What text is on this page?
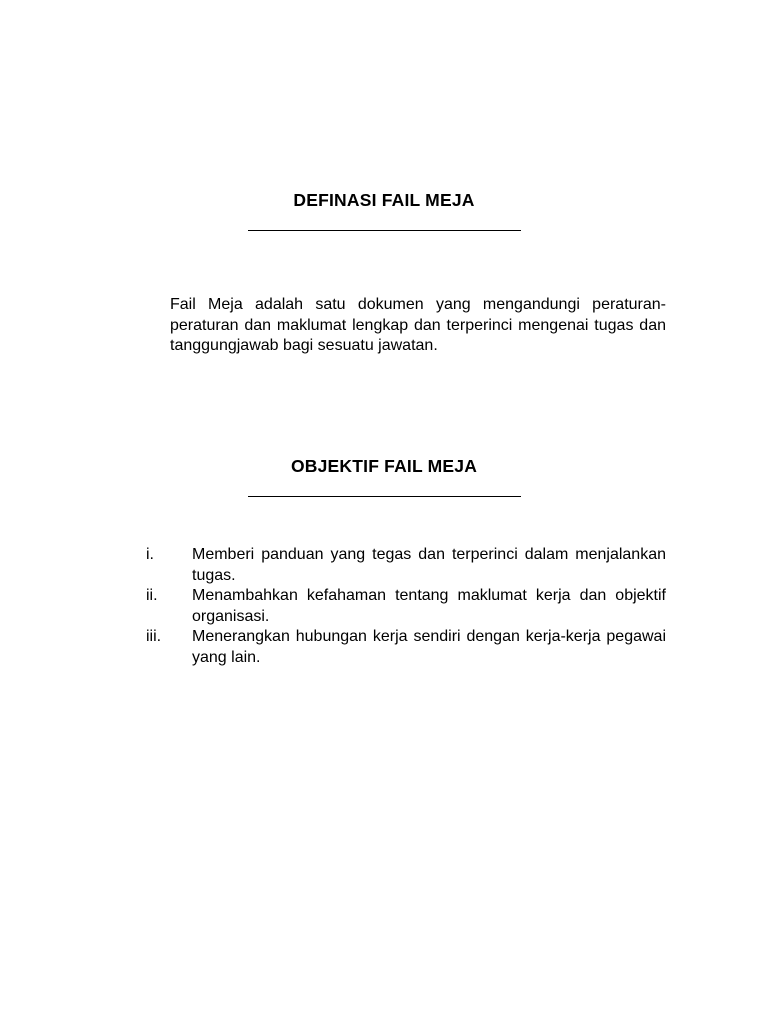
DEFINASI FAIL MEJA

Fail Meja adalah satu dokumen yang mengandungi peraturan-peraturan dan maklumat lengkap dan terperinci mengenai tugas dan tanggungjawab bagi sesuatu jawatan.

OBJEKTIF FAIL MEJA
i.	Memberi panduan yang tegas dan terperinci dalam menjalankan tugas.
ii.	Menambahkan kefahaman tentang maklumat kerja dan objektif organisasi.
iii.	Menerangkan hubungan kerja sendiri dengan kerja-kerja pegawai yang lain.
